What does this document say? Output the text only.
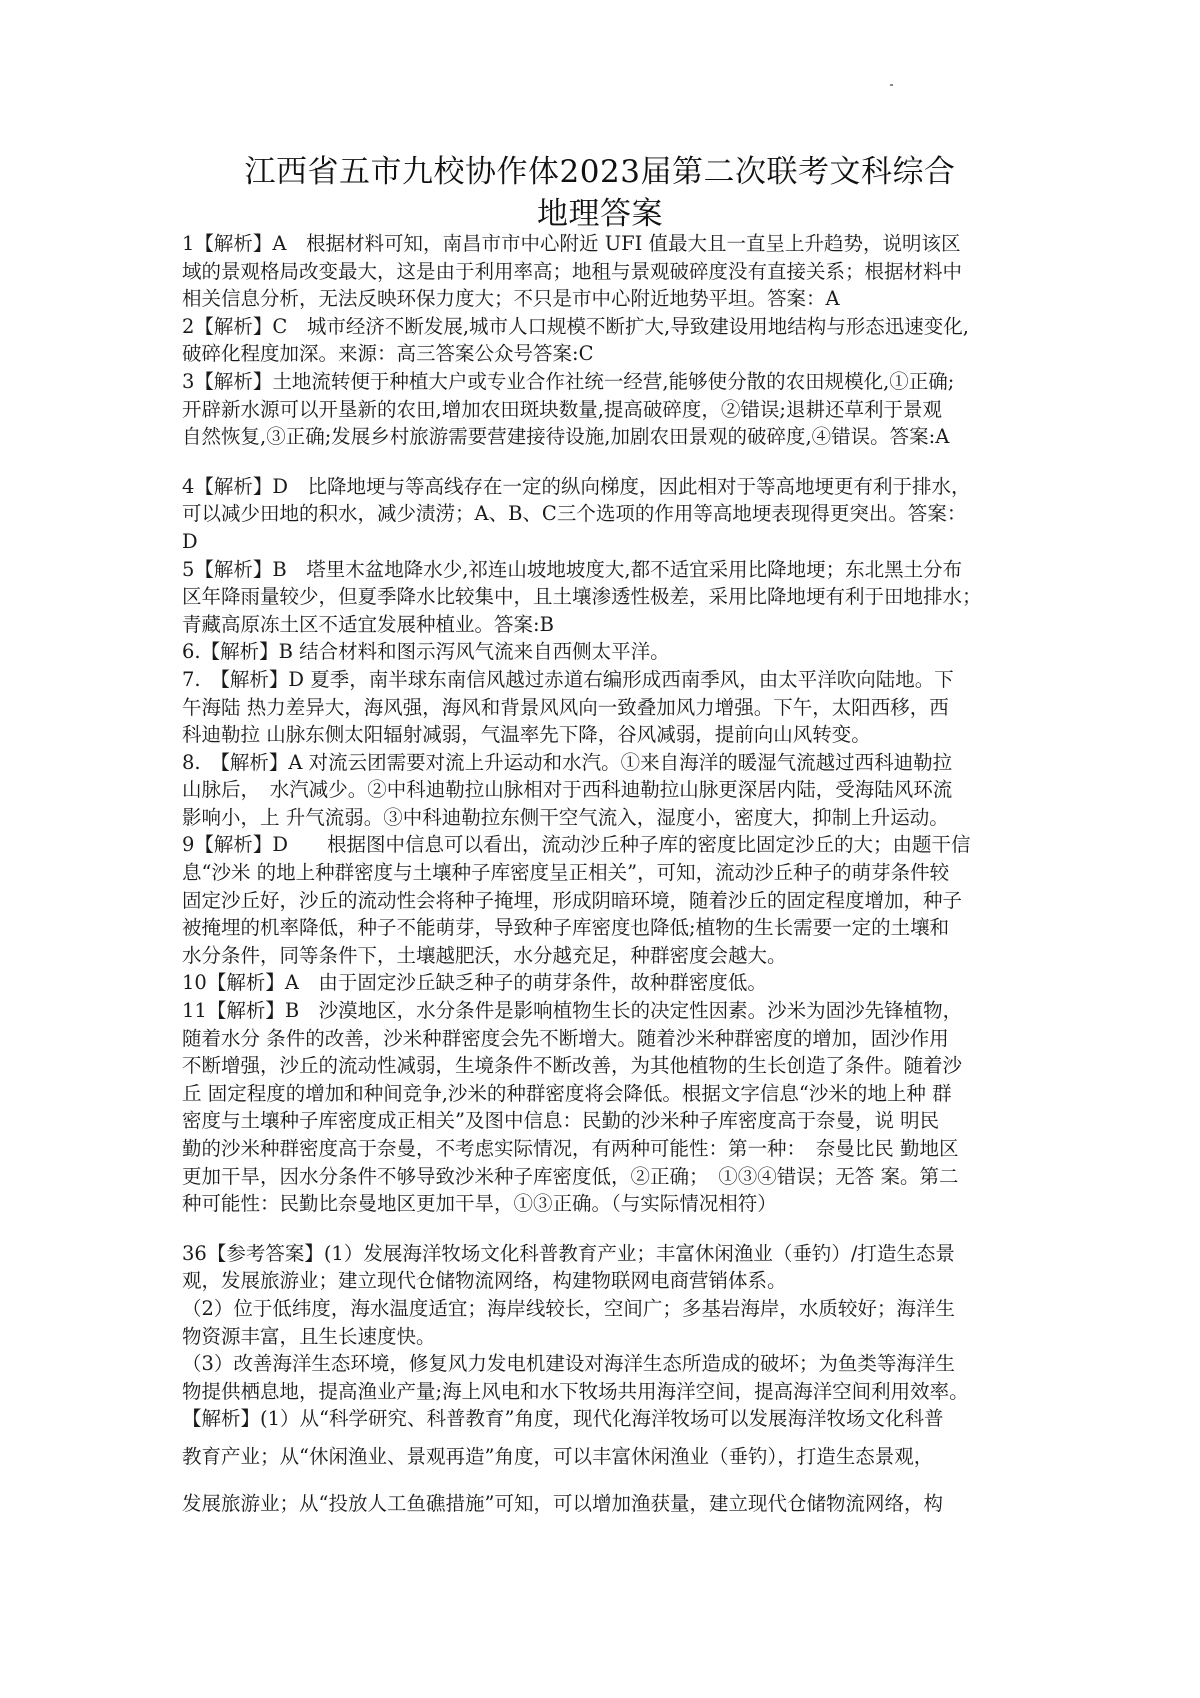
江西省五市九校协作体2023届第二次联考文科综合
地理答案
1【解析】A　根据材料可知，南昌市市中心附近 UFI 值最大且一直呈上升趋势，说明该区
域的景观格局改变最大，这是由于利用率高；地租与景观破碎度没有直接关系；根据材料中
相关信息分析，无法反映环保力度大；不只是市中心附近地势平坦。答案：A
2【解析】C　城市经济不断发展,城市人口规模不断扩大,导致建设用地结构与形态迅速变化,
破碎化程度加深。来源：高三答案公众号答案:C
3【解析】土地流转便于种植大户或专业合作社统一经营,能够使分散的农田规模化,①正确;
开辟新水源可以开垦新的农田,增加农田斑块数量,提高破碎度，②错误;退耕还草利于景观
自然恢复,③正确;发展乡村旅游需要营建接待设施,加剧农田景观的破碎度,④错误。答案:A
4【解析】D　比降地埂与等高线存在一定的纵向梯度，因此相对于等高地埂更有利于排水，
可以减少田地的积水，减少渍涝；A、B、C三个选项的作用等高地埂表现得更突出。答案：
D
5【解析】B　塔里木盆地降水少,祁连山坡地坡度大,都不适宜采用比降地埂；东北黑土分布
区年降雨量较少，但夏季降水比较集中，且土壤渗透性极差，采用比降地埂有利于田地排水；
青藏高原冻土区不适宜发展种植业。答案:B
6.【解析】B 结合材料和图示泻风气流来自西侧太平洋。
7.　【解析】D 夏季，南半球东南信风越过赤道右编形成西南季风，由太平洋吹向陆地。下
午海陆 热力差异大，海风强，海风和背景风风向一致叠加风力增强。下午，太阳西移，西
科迪勒拉 山脉东侧太阳辐射减弱，气温率先下降，谷风减弱，提前向山风转变。
8.　【解析】A 对流云团需要对流上升运动和水汽。①来自海洋的暖湿气流越过西科迪勒拉
山脉后，　水汽减少。②中科迪勒拉山脉相对于西科迪勒拉山脉更深居内陆，受海陆风环流
影响小，上 升气流弱。③中科迪勒拉东侧干空气流入，湿度小，密度大，抑制上升运动。
9【解析】D　　根据图中信息可以看出，流动沙丘种子库的密度比固定沙丘的大；由题干信
息“沙米 的地上种群密度与土壤种子库密度呈正相关”，可知，流动沙丘种子的萌芽条件较
固定沙丘好，沙丘的流动性会将种子掩埋，形成阴暗环境，随着沙丘的固定程度增加，种子
被掩埋的机率降低，种子不能萌芽，导致种子库密度也降低;植物的生长需要一定的土壤和
水分条件，同等条件下，土壤越肥沃，水分越充足，种群密度会越大。
10【解析】A　由于固定沙丘缺乏种子的萌芽条件，故种群密度低。
11【解析】B　沙漠地区，水分条件是影响植物生长的决定性因素。沙米为固沙先锋植物，
随着水分 条件的改善，沙米种群密度会先不断增大。随着沙米种群密度的增加，固沙作用
不断增强，沙丘的流动性减弱，生境条件不断改善，为其他植物的生长创造了条件。随着沙
丘 固定程度的增加和种间竞争,沙米的种群密度将会降低。根据文字信息“沙米的地上种 群
密度与土壤种子库密度成正相关”及图中信息：民勤的沙米种子库密度高于奈曼，说 明民
勤的沙米种群密度高于奈曼，不考虑实际情况，有两种可能性：第一种：　奈曼比民 勤地区
更加干旱，因水分条件不够导致沙米种子库密度低，②正确；　①③④错误；无答 案。第二
种可能性：民勤比奈曼地区更加干旱，①③正确。（与实际情况相符）
36【参考答案】(1）发展海洋牧场文化科普教育产业；丰富休闲渔业（垂钓）/打造生态景
观，发展旅游业；建立现代仓储物流网络，构建物联网电商营销体系。
（2）位于低纬度，海水温度适宜；海岸线较长，空间广；多基岩海岸，水质较好；海洋生
物资源丰富，且生长速度快。
（3）改善海洋生态环境，修复风力发电机建设对海洋生态所造成的破坏；为鱼类等海洋生
物提供栖息地，提高渔业产量;海上风电和水下牧场共用海洋空间，提高海洋空间利用效率。
【解析】(1）从“科学研究、科普教育”角度，现代化海洋牧场可以发展海洋牧场文化科普
教育产业；从“休闲渔业、景观再造”角度，可以丰富休闲渔业（垂钓），打造生态景观，
发展旅游业；从“投放人工鱼礁措施”可知，可以增加渔获量，建立现代仓储物流网络，构
